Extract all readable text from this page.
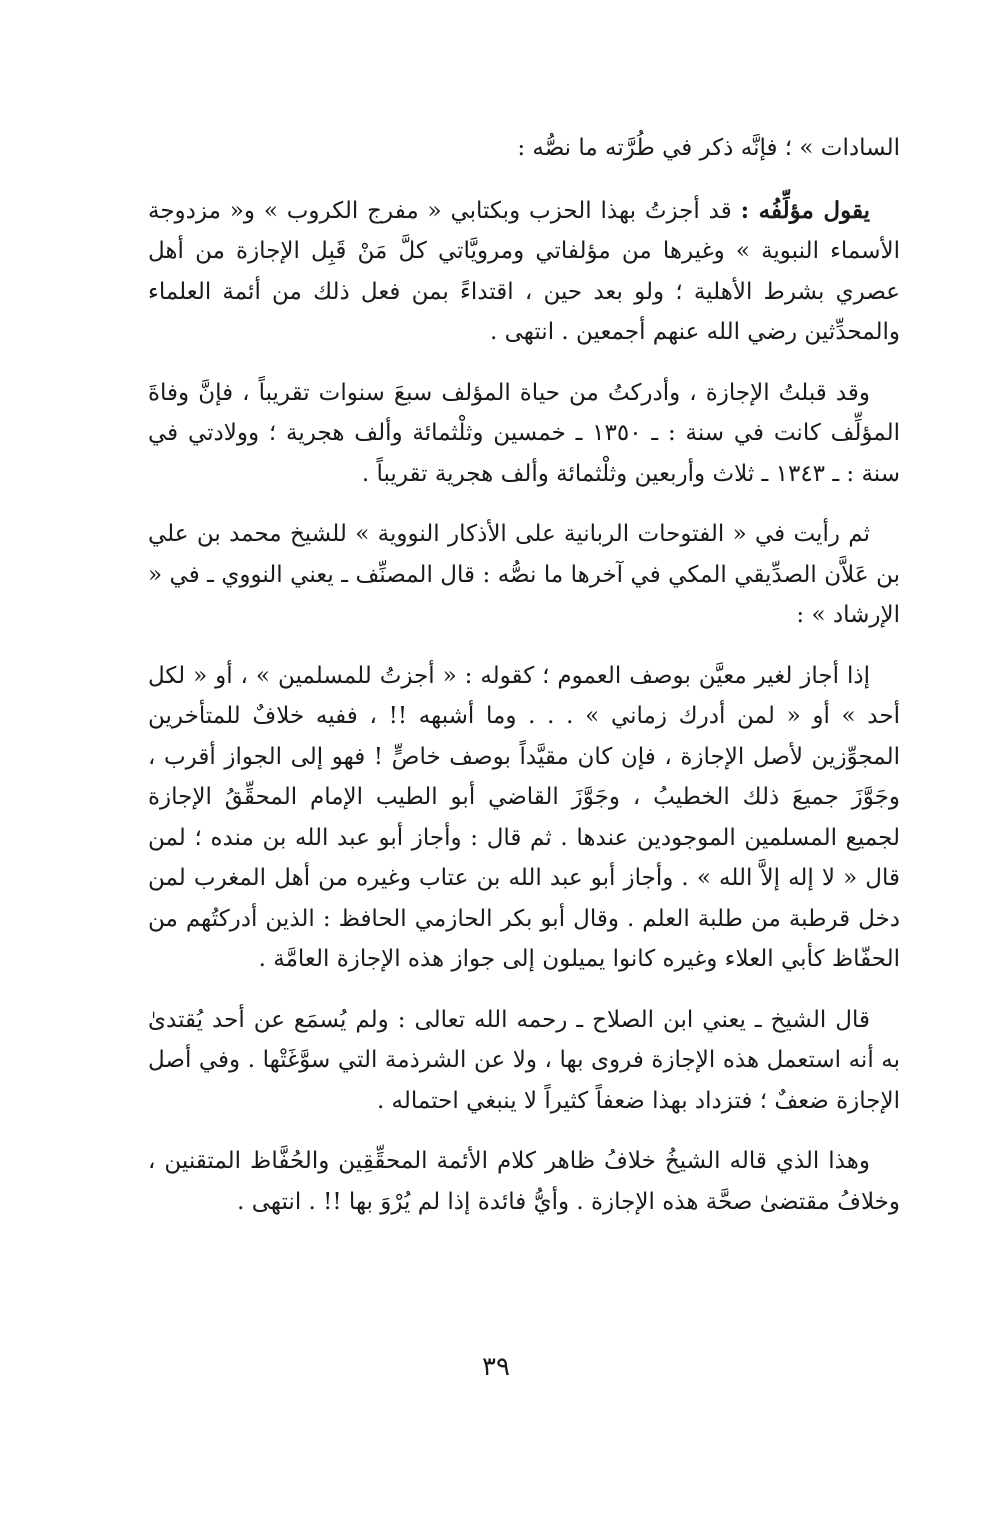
السادات » ؛ فإنَّه ذكر في طُرَّته ما نصُّه :

يقول مؤلِّفُه : قد أجزتُ بهذا الحزب وبكتابي « مفرج الكروب » و« مزدوجة الأسماء النبوية » وغيرها من مؤلفاتي ومرويَّاتي كلَّ مَنْ قَبِل الإجازة من أهل عصري بشرط الأهلية ؛ ولو بعد حين ، اقتداءً بمن فعل ذلك من أئمة العلماء والمحدِّثين رضي الله عنهم أجمعين . انتهى .

وقد قبلتُ الإجازة ، وأدركتُ من حياة المؤلف سبعَ سنوات تقريباً ، فإنَّ وفاةَ المؤلِّف كانت في سنة : ـ ١٣٥٠ ـ خمسين وثلْثمائة وألف هجرية ؛ وولادتي في سنة : ـ ١٣٤٣ ـ ثلاث وأربعين وثلْثمائة وألف هجرية تقريباً .

ثم رأيت في « الفتوحات الربانية على الأذكار النووية » للشيخ محمد بن علي بن عَلاَّن الصدِّيقي المكي في آخرها ما نصُّه : قال المصنِّف ـ يعني النووي ـ في « الإرشاد » :

إذا أجاز لغير معيَّن بوصف العموم ؛ كقوله : « أجزتُ للمسلمين » ، أو « لكل أحد » أو « لمن أدرك زماني » . . . وما أشبهه !! ، ففيه خلافٌ للمتأخرين المجوِّزين لأصل الإجازة ، فإن كان مقيَّداً بوصف خاصٍّ ! فهو إلى الجواز أقرب ، وجَوَّزَ جميعَ ذلك الخطيبُ ، وجَوَّزَ القاضي أبو الطيب الإمام المحقِّقُ الإجازة لجميع المسلمين الموجودين عندها . ثم قال : وأجاز أبو عبد الله بن منده ؛ لمن قال « لا إله إلاَّ الله » . وأجاز أبو عبد الله بن عتاب وغيره من أهل المغرب لمن دخل قرطبة من طلبة العلم . وقال أبو بكر الحازمي الحافظ : الذين أدركتُهم من الحفّاظ كأبي العلاء وغيره كانوا يميلون إلى جواز هذه الإجازة العامَّة .

قال الشيخ ـ يعني ابن الصلاح ـ رحمه الله تعالى : ولم يُسمَع عن أحد يُقتدىٰ به أنه استعمل هذه الإجازة فروى بها ، ولا عن الشرذمة التي سوَّغَتْها . وفي أصل الإجازة ضعفٌ ؛ فتزداد بهذا ضعفاً كثيراً لا ينبغي احتماله .

وهذا الذي قاله الشيخُ خلافُ ظاهر كلام الأئمة المحقِّقِين والحُفَّاظ المتقنين ، وخلافُ مقتضىٰ صحَّة هذه الإجازة . وأيُّ فائدة إذا لم يُرْوَ بها !! . انتهى .

٣٩
